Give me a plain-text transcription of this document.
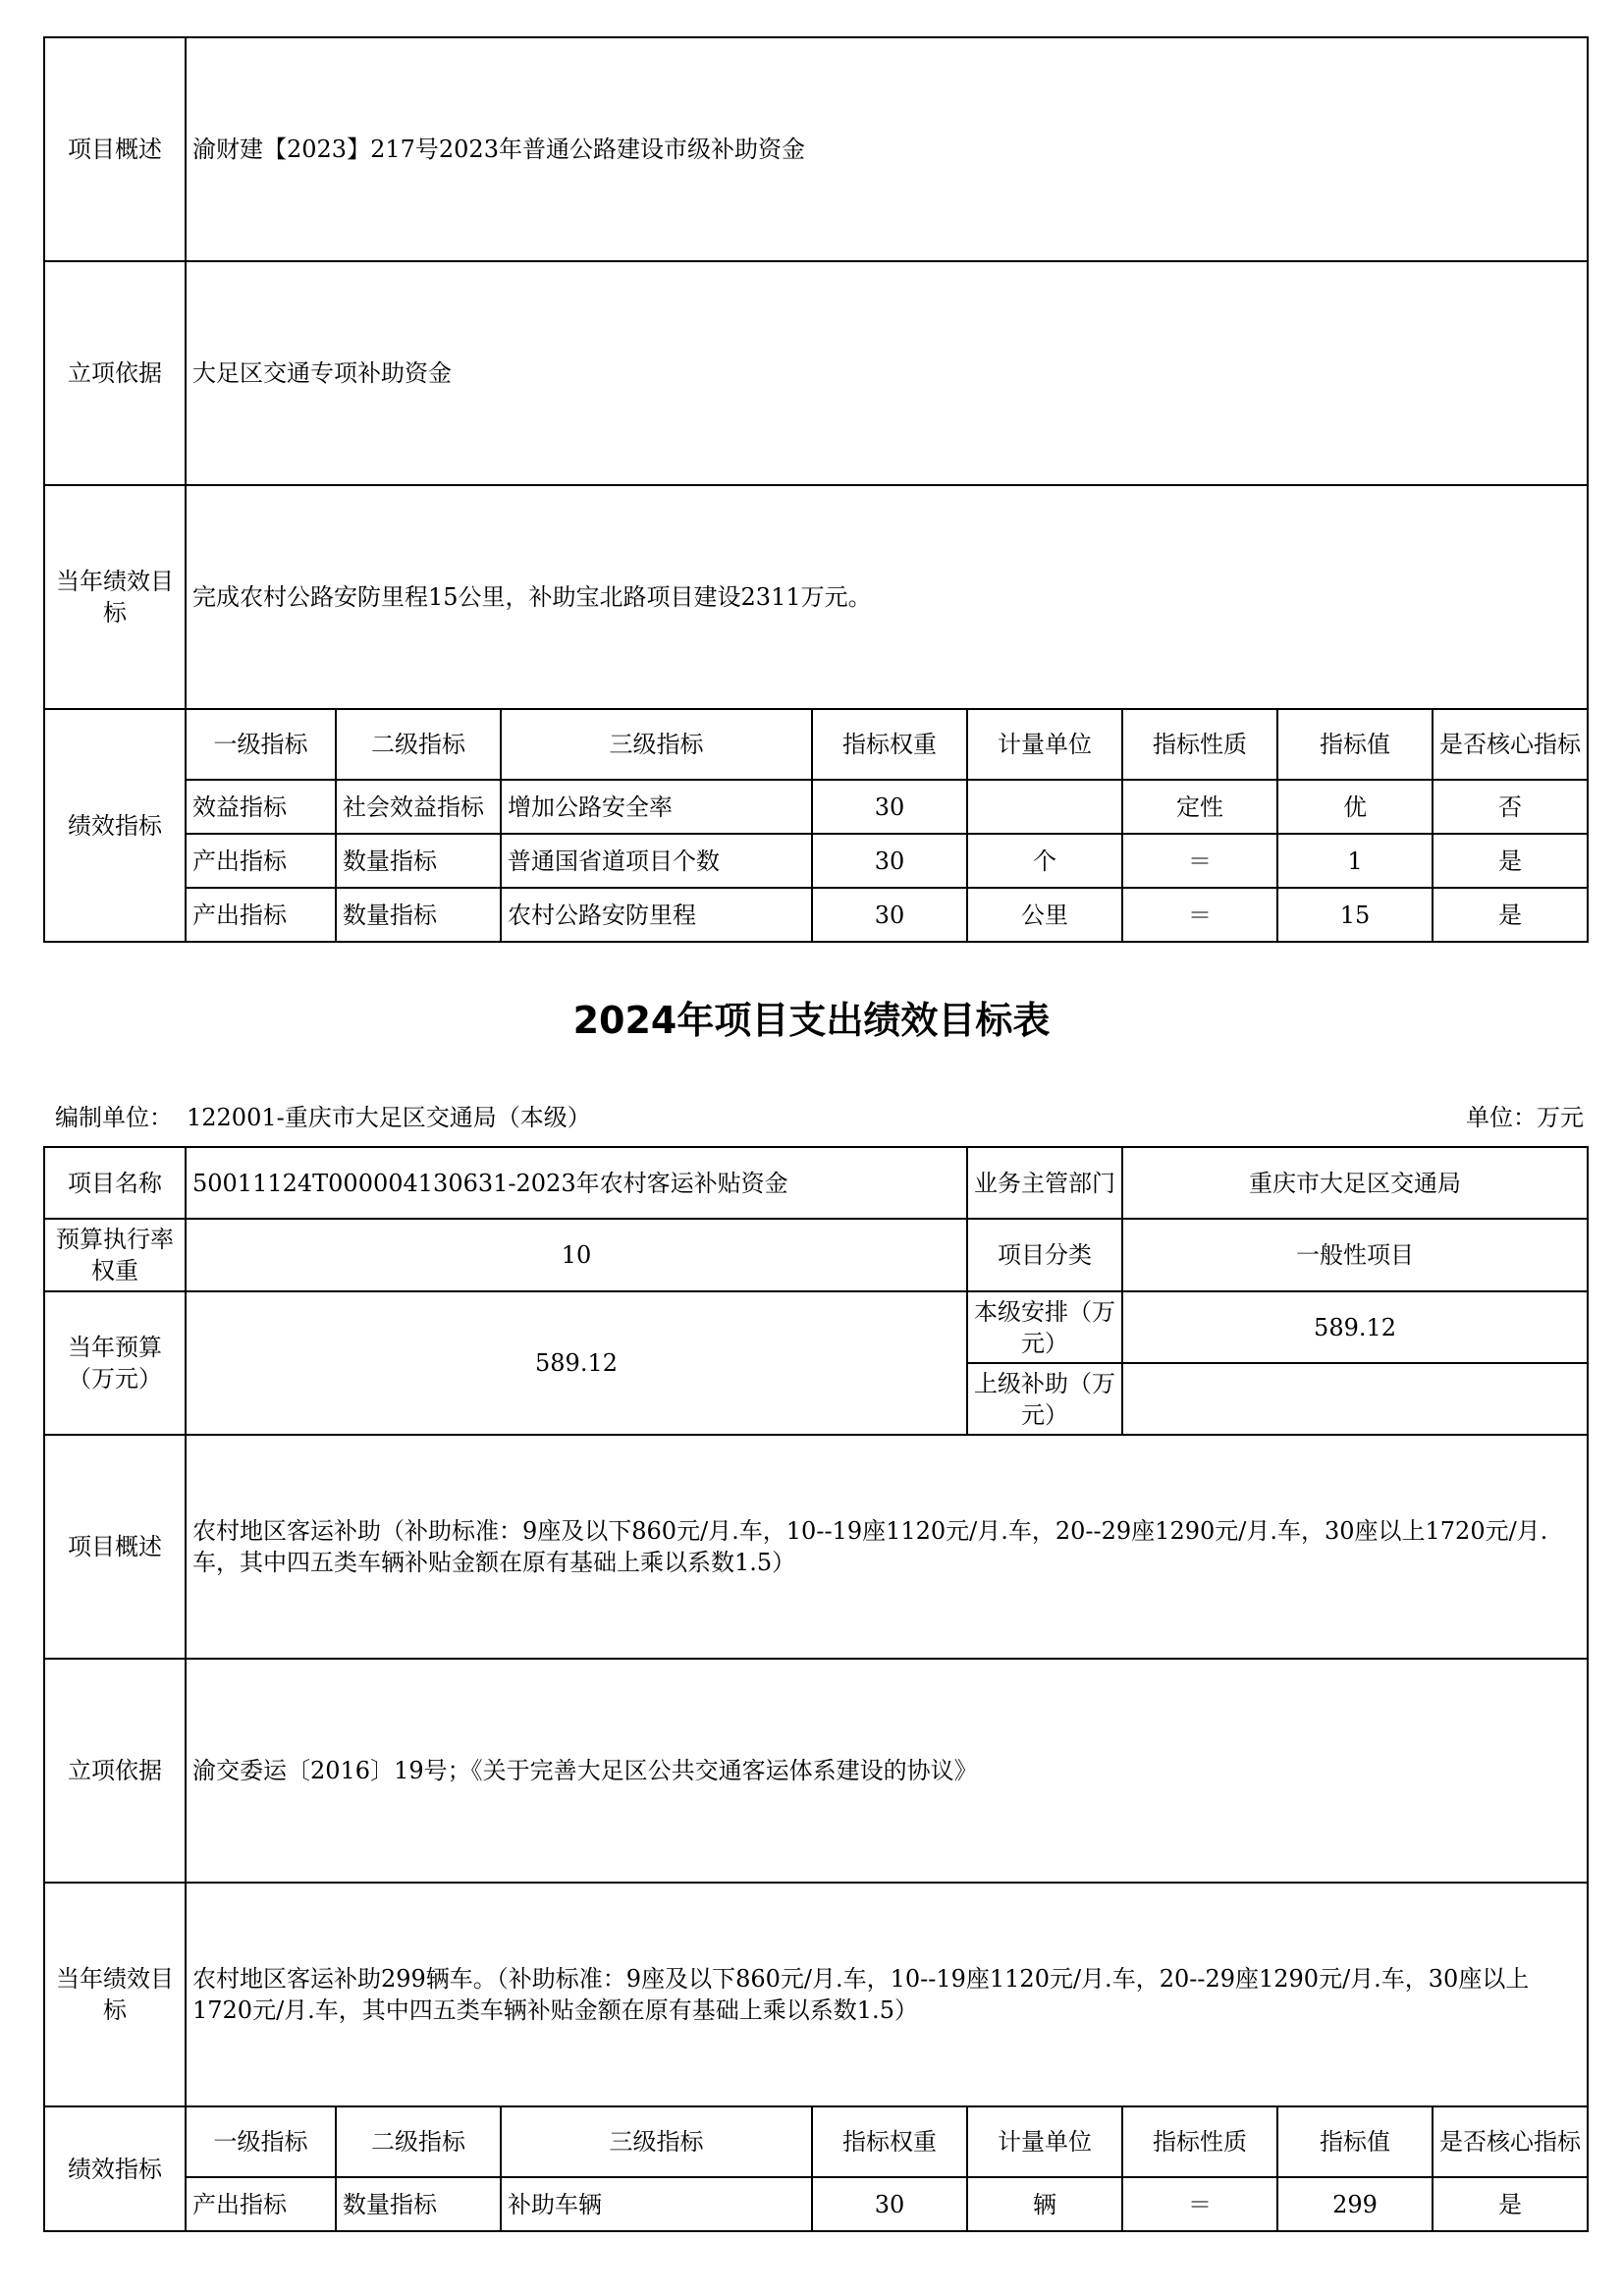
项目概述	渝财建【2023】217号2023年普通公路建设市级补助资金							
立项依据	大足区交通专项补助资金							
当年绩效目标	完成农村公路安防里程15公里，补助宝北路项目建设2311万元。							
绩效指标	一级指标	二级指标	三级指标	指标权重	计量单位	指标性质	指标值	是否核心指标
	效益指标	社会效益指标	增加公路安全率	30		定性	优	否
	产出指标	数量指标	普通国省道项目个数	30	个	＝	1	是
	产出指标	数量指标	农村公路安防里程	30	公里	＝	15	是
2024年项目支出绩效目标表
编制单位： 122001-重庆市大足区交通局（本级）	单位：万元
项目名称	50011124T000004130631-2023年农村客运补贴资金				业务主管部门	重庆市大足区交通局		
预算执行率权重	10				项目分类	一般性项目		
当年预算（万元）	589.12				本级安排（万元）	589.12		
					上级补助（万元）			
项目概述	农村地区客运补助（补助标准：9座及以下860元/月.车，10--19座1120元/月.车，20--29座1290元/月.车，30座以上1720元/月.车，其中四五类车辆补贴金额在原有基础上乘以系数1.5）							
立项依据	渝交委运〔2016〕19号；《关于完善大足区公共交通客运体系建设的协议》							
当年绩效目标	农村地区客运补助299辆车。（补助标准：9座及以下860元/月.车，10--19座1120元/月.车，20--29座1290元/月.车，30座以上1720元/月.车，其中四五类车辆补贴金额在原有基础上乘以系数1.5）							
绩效指标	一级指标	二级指标	三级指标	指标权重	计量单位	指标性质	指标值	是否核心指标
	产出指标	数量指标	补助车辆	30	辆	＝	299	是
